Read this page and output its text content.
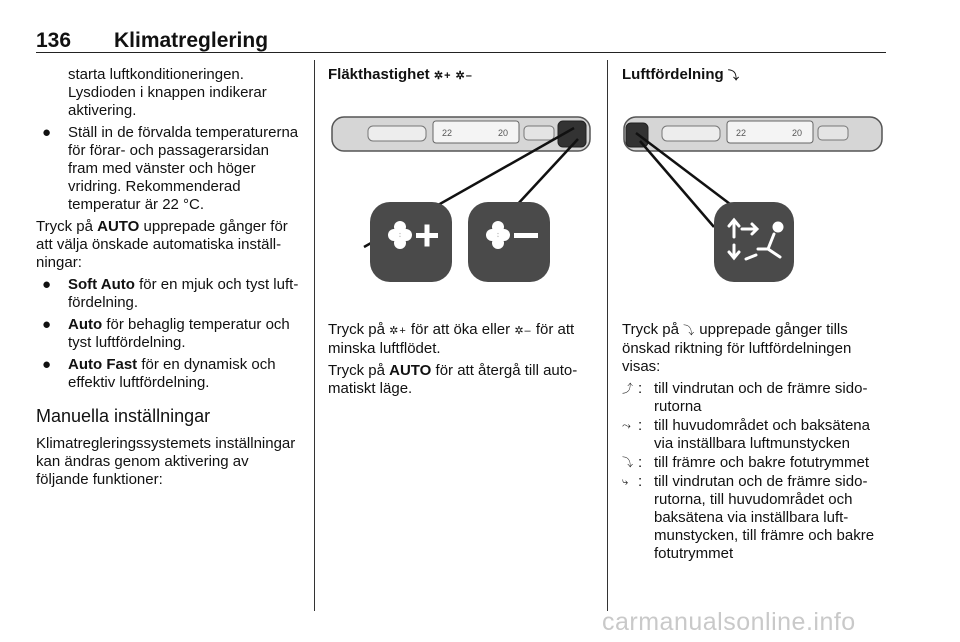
136 Klimatreglering

starta luftkonditioneringen. Lysdioden i knappen indikerar aktivering.

● Ställ in de förvalda temperaturerna för förar- och passagerarsidan fram med vänster och höger vridring. Rekommenderad temperatur är 22 °C.

Tryck på AUTO upprepade gånger för att välja önskade automatiska inställningar:

● Soft Auto för en mjuk och tyst luftfördelning.
● Auto för behaglig temperatur och tyst luftfördelning.
● Auto Fast för en dynamisk och effektiv luftfördelning.
Manuella inställningar

Klimatregleringssystemets inställningar kan ändras genom aktivering av följande funktioner:

Fläkthastighet ✲+ ✲–

22	20

Tryck på ✲+ för att öka eller ✲– för att minska luftflödet.

Tryck på AUTO för att återgå till automatiskt läge.

Luftfördelning ⤵

22	20

Tryck på ⤵ upprepade gånger tills önskad riktning för luftfördelningen visas:

⤴ : till vindrutan och de främre sidorutorna
⤳ : till huvudområdet och baksätena via inställbara luftmunstycken
⤵ : till främre och bakre fotutrymmet
⤷ : till vindrutan och de främre sidorutorna, till huvudområdet och baksätena via inställbara luftmunstycken, till främre och bakre fotutrymmet
carmanualsonline.info
